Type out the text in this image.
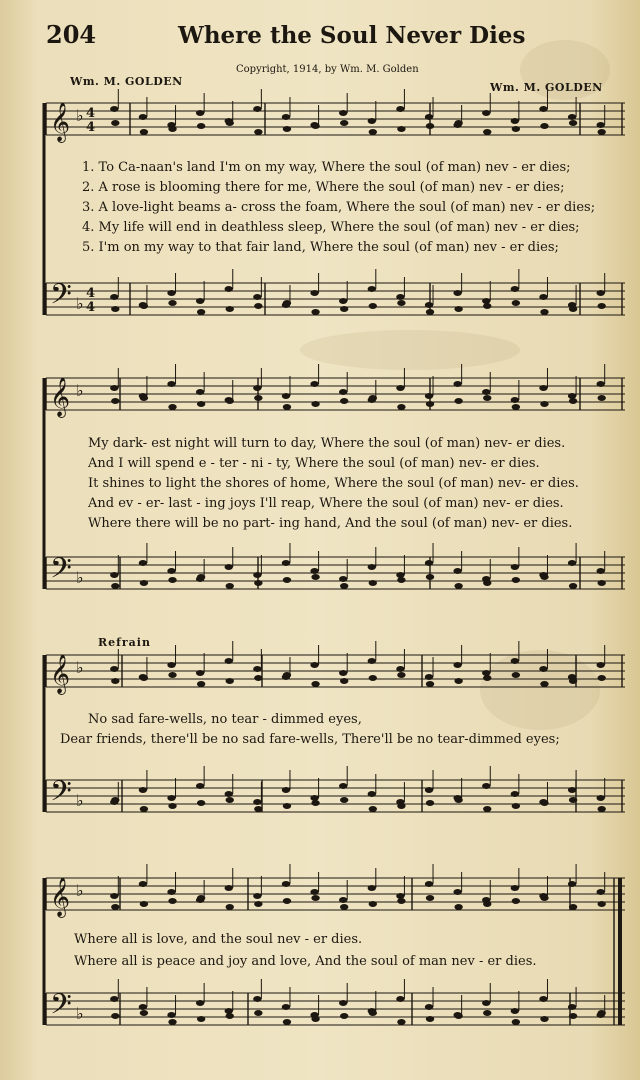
204	Where the Soul Never Dies
Copyright, 1914, by Wm. M. Golden
Wm. M. GOLDEN	Wm. M. GOLDEN
Refrain
𝄞
𝄢
♭
♭
4
4
4
4
𝄞
𝄢
♭
♭
𝄞
𝄢
♭
♭
𝄞
𝄢
♭
♭
1. To Ca-naan's land I'm on my way, Where the soul (of man) nev - er dies;
2. A rose is blooming there for me, Where the soul (of man) nev - er dies;
3. A love-light beams a- cross the foam, Where the soul (of man) nev - er dies;
4. My life will end in deathless sleep, Where the soul (of man) nev - er dies;
5. I'm on my way to that fair land, Where the soul (of man) nev - er dies;
My dark- est night will turn to day, Where the soul (of man) nev- er dies.
And I will spend e - ter - ni - ty, Where the soul (of man) nev- er dies.
It shines to light the shores of home, Where the soul (of man) nev- er dies.
And ev - er- last - ing joys I'll reap, Where the soul (of man) nev- er dies.
Where there will be no part- ing hand, And the soul (of man) nev- er dies.
No sad fare-wells, no tear - dimmed eyes,
Dear friends, there'll be no sad fare-wells, There'll be no tear-dimmed eyes;
Where all is love, and the soul nev - er dies.
Where all is peace and joy and love, And the soul of man nev - er dies.
